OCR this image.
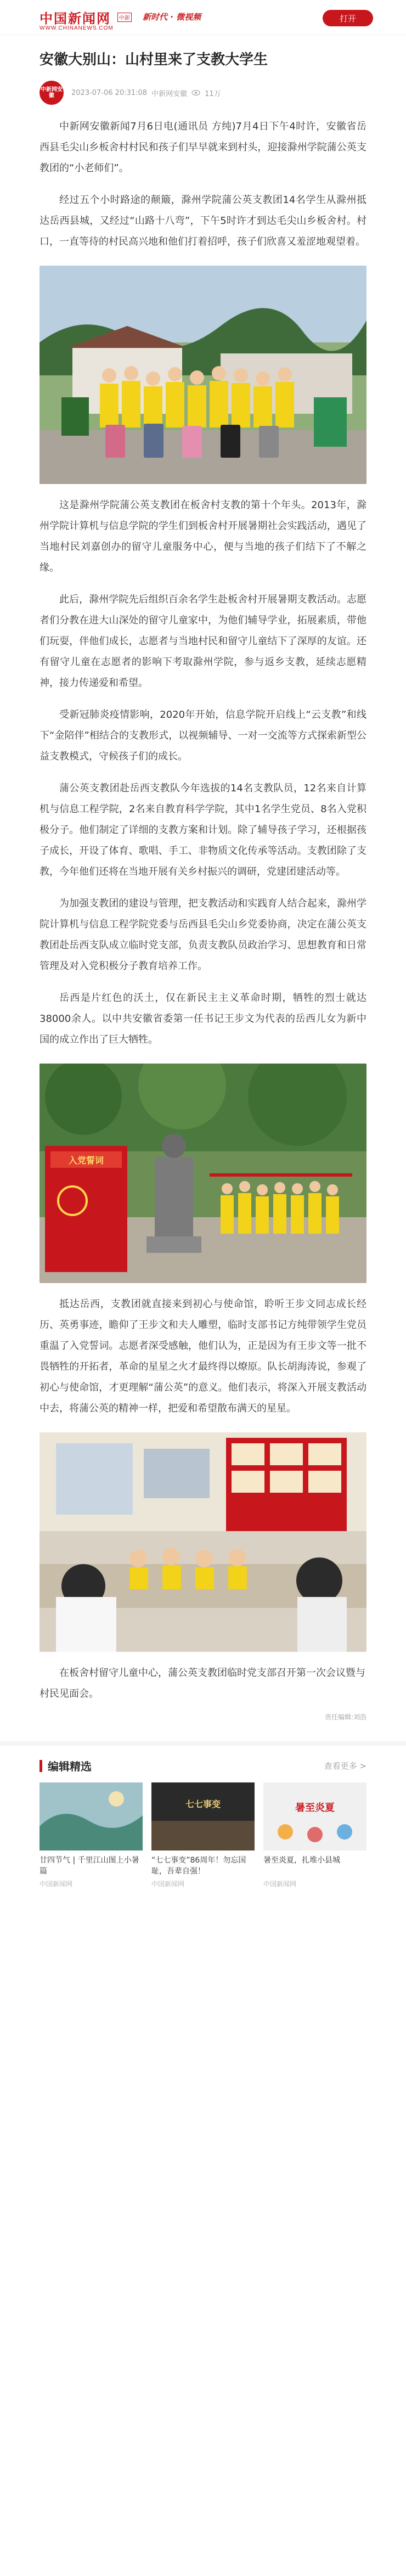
中国新闻网	中新
WWW.CHINANEWS.COM
新时代 · 微视频	打开
安徽大别山：山村里来了支教大学生
中新网安徽	2023-07-06 20:31:08 中新网安徽 11万

中新网安徽新闻7月6日电(通讯员 方纯)7月4日下午4时许，安徽省岳西县毛尖山乡板舍村村民和孩子们早早就来到村头，迎接滁州学院蒲公英支教团的“小老师们”。

经过五个小时路途的颠簸，滁州学院蒲公英支教团14名学生从滁州抵达岳西县城，又经过“山路十八弯”，下午5时许才到达毛尖山乡板舍村。村口，一直等待的村民高兴地和他们打着招呼，孩子们欣喜又羞涩地观望着。

这是滁州学院蒲公英支教团在板舍村支教的第十个年头。2013年，滁州学院计算机与信息学院的学生们到板舍村开展暑期社会实践活动，遇见了当地村民刘嘉创办的留守儿童服务中心，便与当地的孩子们结下了不解之缘。

此后，滁州学院先后组织百余名学生赴板舍村开展暑期支教活动。志愿者们分教在进大山深处的留守儿童家中，为他们辅导学业，拓展素质，带他们玩耍，伴他们成长，志愿者与当地村民和留守儿童结下了深厚的友谊。还有留守儿童在志愿者的影响下考取滁州学院，参与返乡支教，延续志愿精神，接力传递爱和希望。

受新冠肺炎疫情影响，2020年开始，信息学院开启线上“云支教”和线下“金陪伴”相结合的支教形式，以视频辅导、一对一交流等方式探索新型公益支教模式，守候孩子们的成长。

蒲公英支教团赴岳西支教队今年选拔的14名支教队员，12名来自计算机与信息工程学院，2名来自教育科学学院，其中1名学生党员、8名入党积极分子。他们制定了详细的支教方案和计划。除了辅导孩子学习，还根据孩子成长，开设了体育、歌唱、手工、非物质文化传承等活动。支教团除了支教，今年他们还将在当地开展有关乡村振兴的调研，党建团建活动等。

为加强支教团的建设与管理，把支教活动和实践育人结合起来，滁州学院计算机与信息工程学院党委与岳西县毛尖山乡党委协商，决定在蒲公英支教团赴岳西支队成立临时党支部，负责支教队员政治学习、思想教育和日常管理及对入党积极分子教育培养工作。

岳西是片红色的沃土，仅在新民主主义革命时期，牺牲的烈士就达38000余人。以中共安徽省委第一任书记王步文为代表的岳西儿女为新中国的成立作出了巨大牺牲。

入党誓词

抵达岳西，支教团就直接来到初心与使命馆，聆听王步文同志成长经历、英勇事迹，瞻仰了王步文和夫人雕塑，临时支部书记方纯带领学生党员重温了入党誓词。志愿者深受感触，他们认为，正是因为有王步文等一批不畏牺牲的开拓者，革命的星星之火才最终得以燎原。队长胡海涛说，参观了初心与使命馆，才更理解“蒲公英”的意义。他们表示，将深入开展支教活动中去，将蒲公英的精神一样，把爱和希望散布满天的星星。

在板舍村留守儿童中心，蒲公英支教团临时党支部召开第一次会议暨与村民见面会。

责任编辑:刘浩
编辑精选	查看更多 >
廿四节气 | 千里江山图上小暑篇
中国新闻网
七七事变
“七七事变”86周年！勿忘国耻，吾辈自强！
中国新闻网
暑至炎夏
暑至炎夏，扎堆小县城
中国新闻网
